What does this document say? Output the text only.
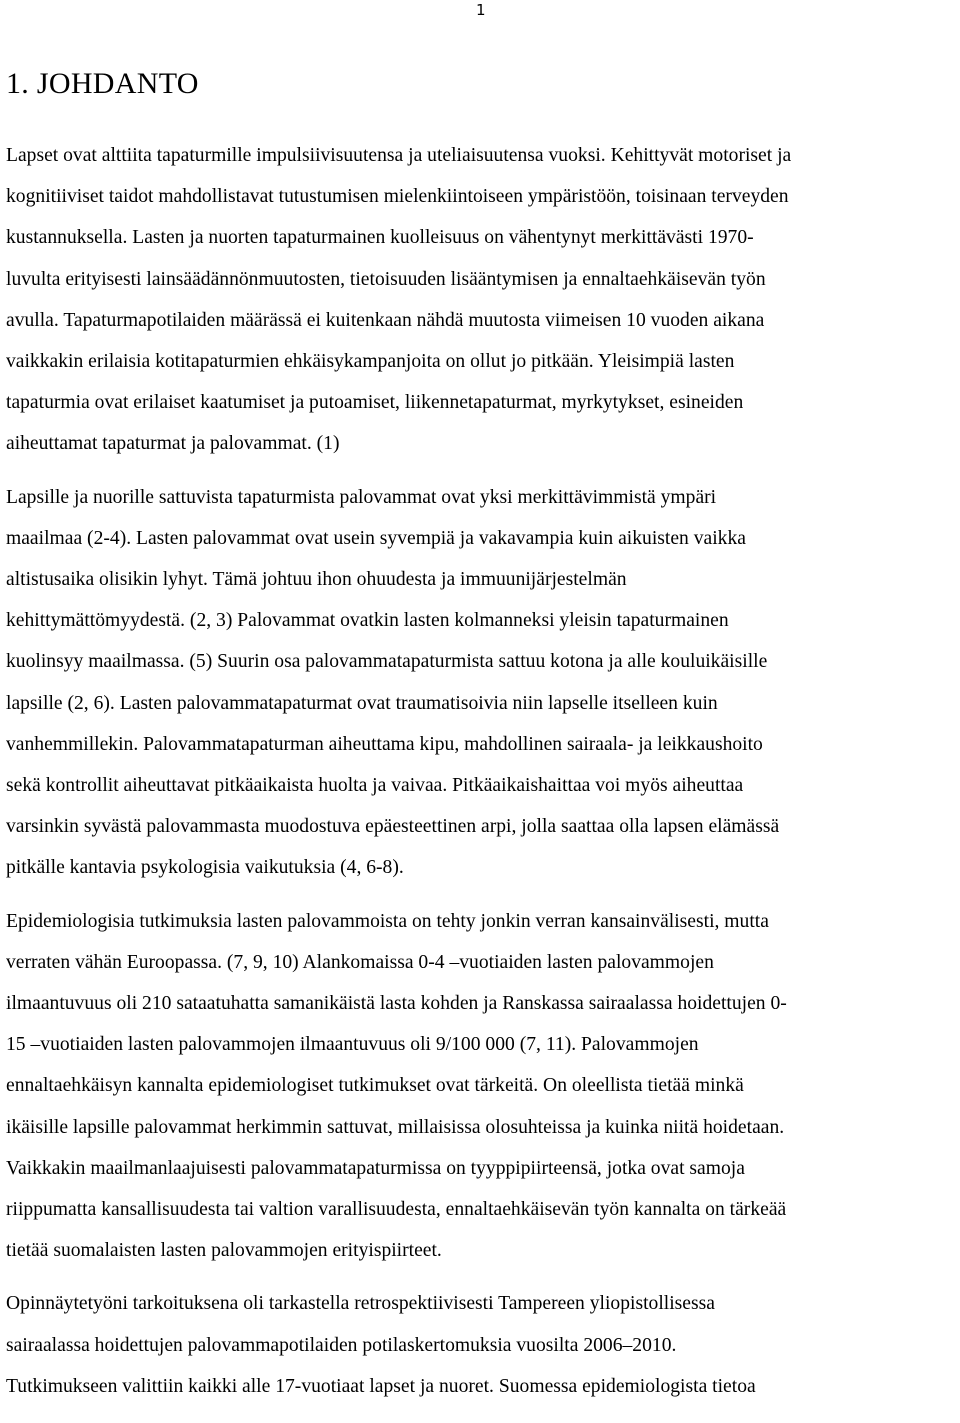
1
1. JOHDANTO

Lapset ovat alttiita tapaturmille impulsiivisuutensa ja uteliaisuutensa vuoksi. Kehittyvät motoriset ja
kognitiiviset taidot mahdollistavat tutustumisen mielenkiintoiseen ympäristöön, toisinaan terveyden
kustannuksella. Lasten ja nuorten tapaturmainen kuolleisuus on vähentynyt merkittävästi 1970-
luvulta erityisesti lainsäädännönmuutosten, tietoisuuden lisääntymisen ja ennaltaehkäisevän työn
avulla. Tapaturmapotilaiden määrässä ei kuitenkaan nähdä muutosta viimeisen 10 vuoden aikana
vaikkakin erilaisia kotitapaturmien ehkäisykampanjoita on ollut jo pitkään. Yleisimpiä lasten
tapaturmia ovat erilaiset kaatumiset ja putoamiset, liikennetapaturmat, myrkytykset, esineiden
aiheuttamat tapaturmat ja palovammat. (1)

Lapsille ja nuorille sattuvista tapaturmista palovammat ovat yksi merkittävimmistä ympäri
maailmaa (2-4). Lasten palovammat ovat usein syvempiä ja vakavampia kuin aikuisten vaikka
altistusaika olisikin lyhyt. Tämä johtuu ihon ohuudesta ja immuunijärjestelmän
kehittymättömyydestä. (2, 3) Palovammat ovatkin lasten kolmanneksi yleisin tapaturmainen
kuolinsyy maailmassa. (5) Suurin osa palovammatapaturmista sattuu kotona ja alle kouluikäisille
lapsille (2, 6). Lasten palovammatapaturmat ovat traumatisoivia niin lapselle itselleen kuin
vanhemmillekin. Palovammatapaturman aiheuttama kipu, mahdollinen sairaala- ja leikkaushoito
sekä kontrollit aiheuttavat pitkäaikaista huolta ja vaivaa. Pitkäaikaishaittaa voi myös aiheuttaa
varsinkin syvästä palovammasta muodostuva epäesteettinen arpi, jolla saattaa olla lapsen elämässä
pitkälle kantavia psykologisia vaikutuksia (4, 6-8).

Epidemiologisia tutkimuksia lasten palovammoista on tehty jonkin verran kansainvälisesti, mutta
verraten vähän Euroopassa. (7, 9, 10) Alankomaissa 0-4 –vuotiaiden lasten palovammojen
ilmaantuvuus oli 210 sataatuhatta samanikäistä lasta kohden ja Ranskassa sairaalassa hoidettujen 0-
15 –vuotiaiden lasten palovammojen ilmaantuvuus oli 9/100 000 (7, 11). Palovammojen
ennaltaehkäisyn kannalta epidemiologiset tutkimukset ovat tärkeitä. On oleellista tietää minkä
ikäisille lapsille palovammat herkimmin sattuvat, millaisissa olosuhteissa ja kuinka niitä hoidetaan.
Vaikkakin maailmanlaajuisesti palovammatapaturmissa on tyyppipiirteensä, jotka ovat samoja
riippumatta kansallisuudesta tai valtion varallisuudesta, ennaltaehkäisevän työn kannalta on tärkeää
tietää suomalaisten lasten palovammojen erityispiirteet.

Opinnäytetyöni tarkoituksena oli tarkastella retrospektiivisesti Tampereen yliopistollisessa
sairaalassa hoidettujen palovammapotilaiden potilaskertomuksia vuosilta 2006–2010.
Tutkimukseen valittiin kaikki alle 17-vuotiaat lapset ja nuoret. Suomessa epidemiologista tietoa
